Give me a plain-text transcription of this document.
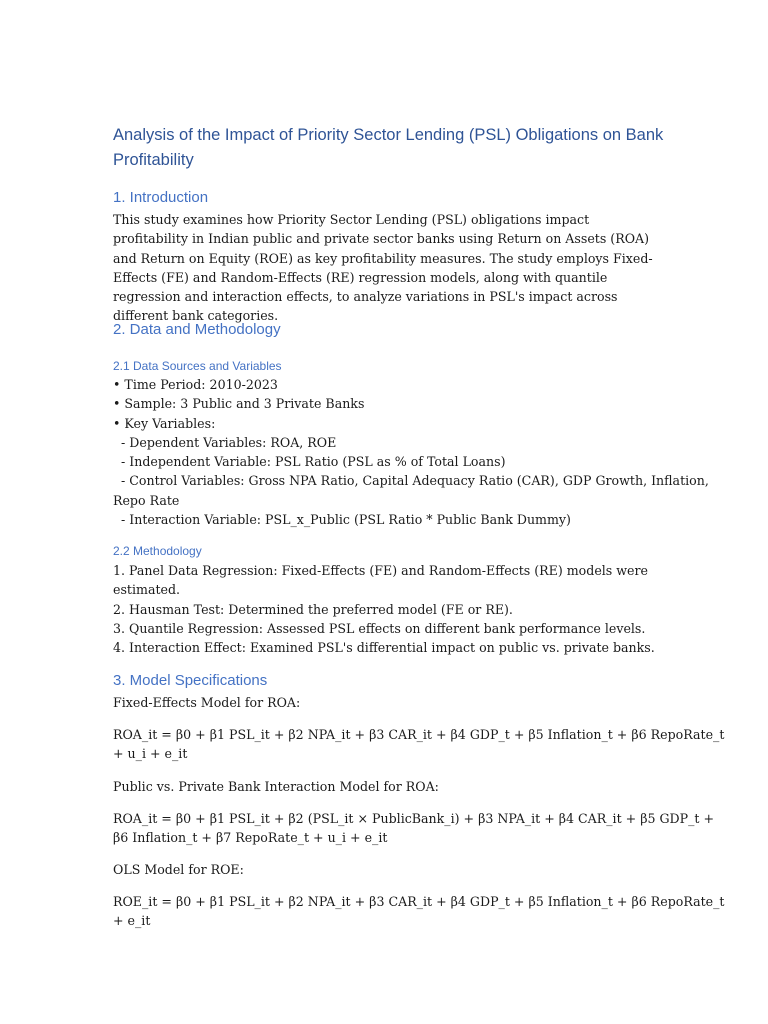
Analysis of the Impact of Priority Sector Lending (PSL) Obligations on Bank Profitability
1. Introduction

This study examines how Priority Sector Lending (PSL) obligations impact profitability in Indian public and private sector banks using Return on Assets (ROA) and Return on Equity (ROE) as key profitability measures. The study employs Fixed-Effects (FE) and Random-Effects (RE) regression models, along with quantile regression and interaction effects, to analyze variations in PSL's impact across different bank categories.

2. Data and Methodology
2.1 Data Sources and Variables
• Time Period: 2010-2023
• Sample: 3 Public and 3 Private Banks
• Key Variables:
- Dependent Variables: ROA, ROE
- Independent Variable: PSL Ratio (PSL as % of Total Loans)
- Control Variables: Gross NPA Ratio, Capital Adequacy Ratio (CAR), GDP Growth, Inflation,
Repo Rate
- Interaction Variable: PSL_x_Public (PSL Ratio * Public Bank Dummy)
2.2 Methodology
1. Panel Data Regression: Fixed-Effects (FE) and Random-Effects (RE) models were
estimated.
2. Hausman Test: Determined the preferred model (FE or RE).
3. Quantile Regression: Assessed PSL effects on different bank performance levels.
4. Interaction Effect: Examined PSL's differential impact on public vs. private banks.
3. Model Specifications
Fixed-Effects Model for ROA:
ROA_it = β0 + β1 PSL_it + β2 NPA_it + β3 CAR_it + β4 GDP_t + β5 Inflation_t + β6 RepoRate_t
+ u_i + e_it
Public vs. Private Bank Interaction Model for ROA:
ROA_it = β0 + β1 PSL_it + β2 (PSL_it × PublicBank_i) + β3 NPA_it + β4 CAR_it + β5 GDP_t +
β6 Inflation_t + β7 RepoRate_t + u_i + e_it
OLS Model for ROE:
ROE_it = β0 + β1 PSL_it + β2 NPA_it + β3 CAR_it + β4 GDP_t + β5 Inflation_t + β6 RepoRate_t
+ e_it
